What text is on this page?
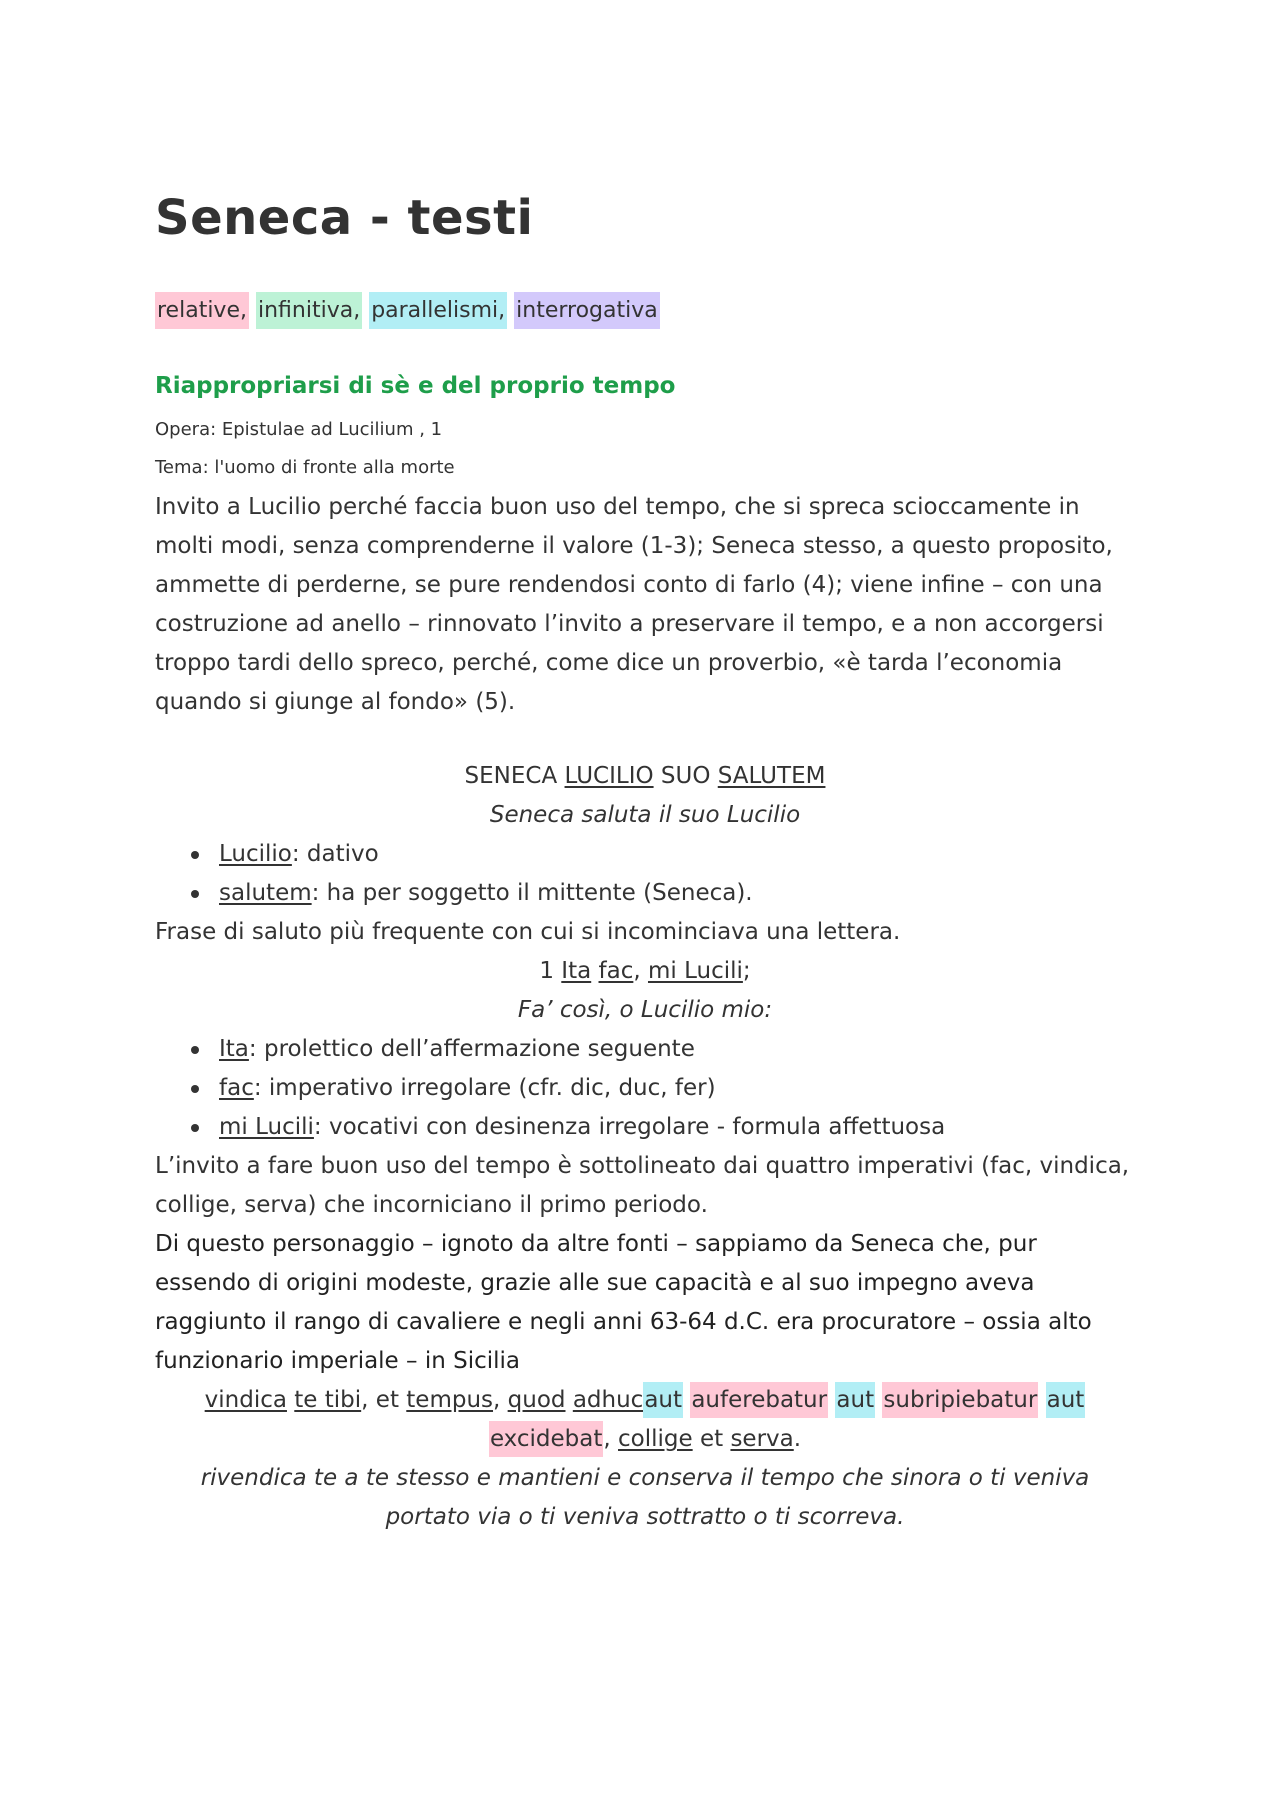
Seneca - testi
relative, infinitiva, parallelismi, interrogativa
Riappropriarsi di sè e del proprio tempo
Opera: Epistulae ad Lucilium , 1
Tema: l'uomo di fronte alla morte

Invito a Lucilio perché faccia buon uso del tempo, che si spreca scioccamente in molti modi, senza comprenderne il valore (1-3); Seneca stesso, a questo proposito, ammette di perderne, se pure rendendosi conto di farlo (4); viene infine – con una costruzione ad anello – rinnovato l’invito a preservare il tempo, e a non accorgersi troppo tardi dello spreco, perché, come dice un proverbio, «è tarda l’economia quando si giunge al fondo» (5).

SENECA LUCILIO SUO SALUTEM

Seneca saluta il suo Lucilio

Lucilio: dativo
salutem: ha per soggetto il mittente (Seneca).

Frase di saluto più frequente con cui si incominciava una lettera.

1 Ita fac, mi Lucili;

Fa’ così, o Lucilio mio:

Ita: prolettico dell’affermazione seguente
fac: imperativo irregolare (cfr. dic, duc, fer)
mi Lucili: vocativi con desinenza irregolare - formula affettuosa

L’invito a fare buon uso del tempo è sottolineato dai quattro imperativi (fac, vindica, collige, serva) che incorniciano il primo periodo.

Di questo personaggio – ignoto da altre fonti – sappiamo da Seneca che, pur essendo di origini modeste, grazie alle sue capacità e al suo impegno aveva raggiunto il rango di cavaliere e negli anni 63-64 d.C. era procuratore – ossia alto funzionario imperiale – in Sicilia

vindica te tibi, et tempus, quod adhucaut auferebatur aut subripiebatur aut excidebat, collige et serva.

rivendica te a te stesso e mantieni e conserva il tempo che sinora o ti veniva portato via o ti veniva sottratto o ti scorreva.
